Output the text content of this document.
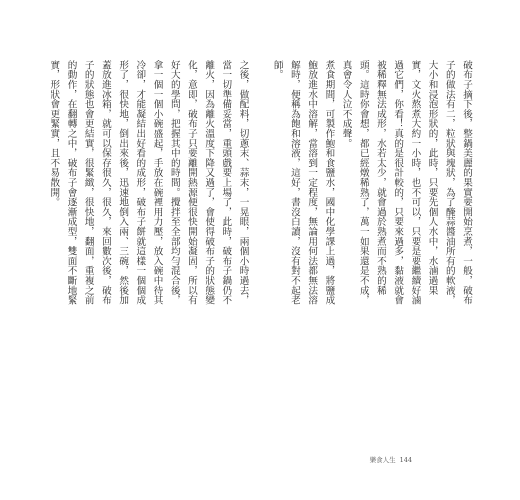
破布子摘下後，整鍋美麗的果實要開始烹煮，一般，破布子的做法有二，粒狀與塊狀，為了醃蒜醬油所有的軟液，大小和浸泡形狀的，此時，只要先個人水中，水滷過果實，文火熬煮大約一小時，也不可以，只要是要繼續好滷過它們，你看！真的是很計較的，只要來過多，黏液就會被稀釋無法成形，水若太少，就會過於熟煮而不熟的稀頭。這時你會想，都已經燉稀熟了，萬一如果還是不成，真會令人泣不成聲。

煮食期間，可製作鮑和食鹽水，國中化學課上過，將鹽成鮑放進水中溶解，當溶到一定程度，無論用何法都無法溶解時，便稱為飽和溶液，這好，書沒白讀，沒有對不起老師。

之後，做配料，切蔥末、蒜末，一晃眼，兩個小時過去，當一切準備妥當，重頭戲要上場了，此時，破布子鍋仍不離火，因為離火溫度下降又過了，會使得破布子的狀態變化，意即，破布子只要離開熱源便很快開始凝固，所以有好大的學問，把握其中的時間。攪拌至全部均勻混合後，拿一個一個小碗盛起，手放在碗裡用力壓，放入碗中待其冷卻，才能凝結出好看的成形，破布子餅就這樣一個個成形了，很快地，倒出來後，迅速地倒入兩、三碗，然後加蓋放進冰箱，就可以保存很久，很久，來回數次後，破布子的狀態也會更結實，很緊緻，很快地，翻面，重複之前的動作，在翻轉之中，破布子會逐漸成型，雙面不斷地緊實，形狀會更緊實，且不易散開。

樂食人生 144
